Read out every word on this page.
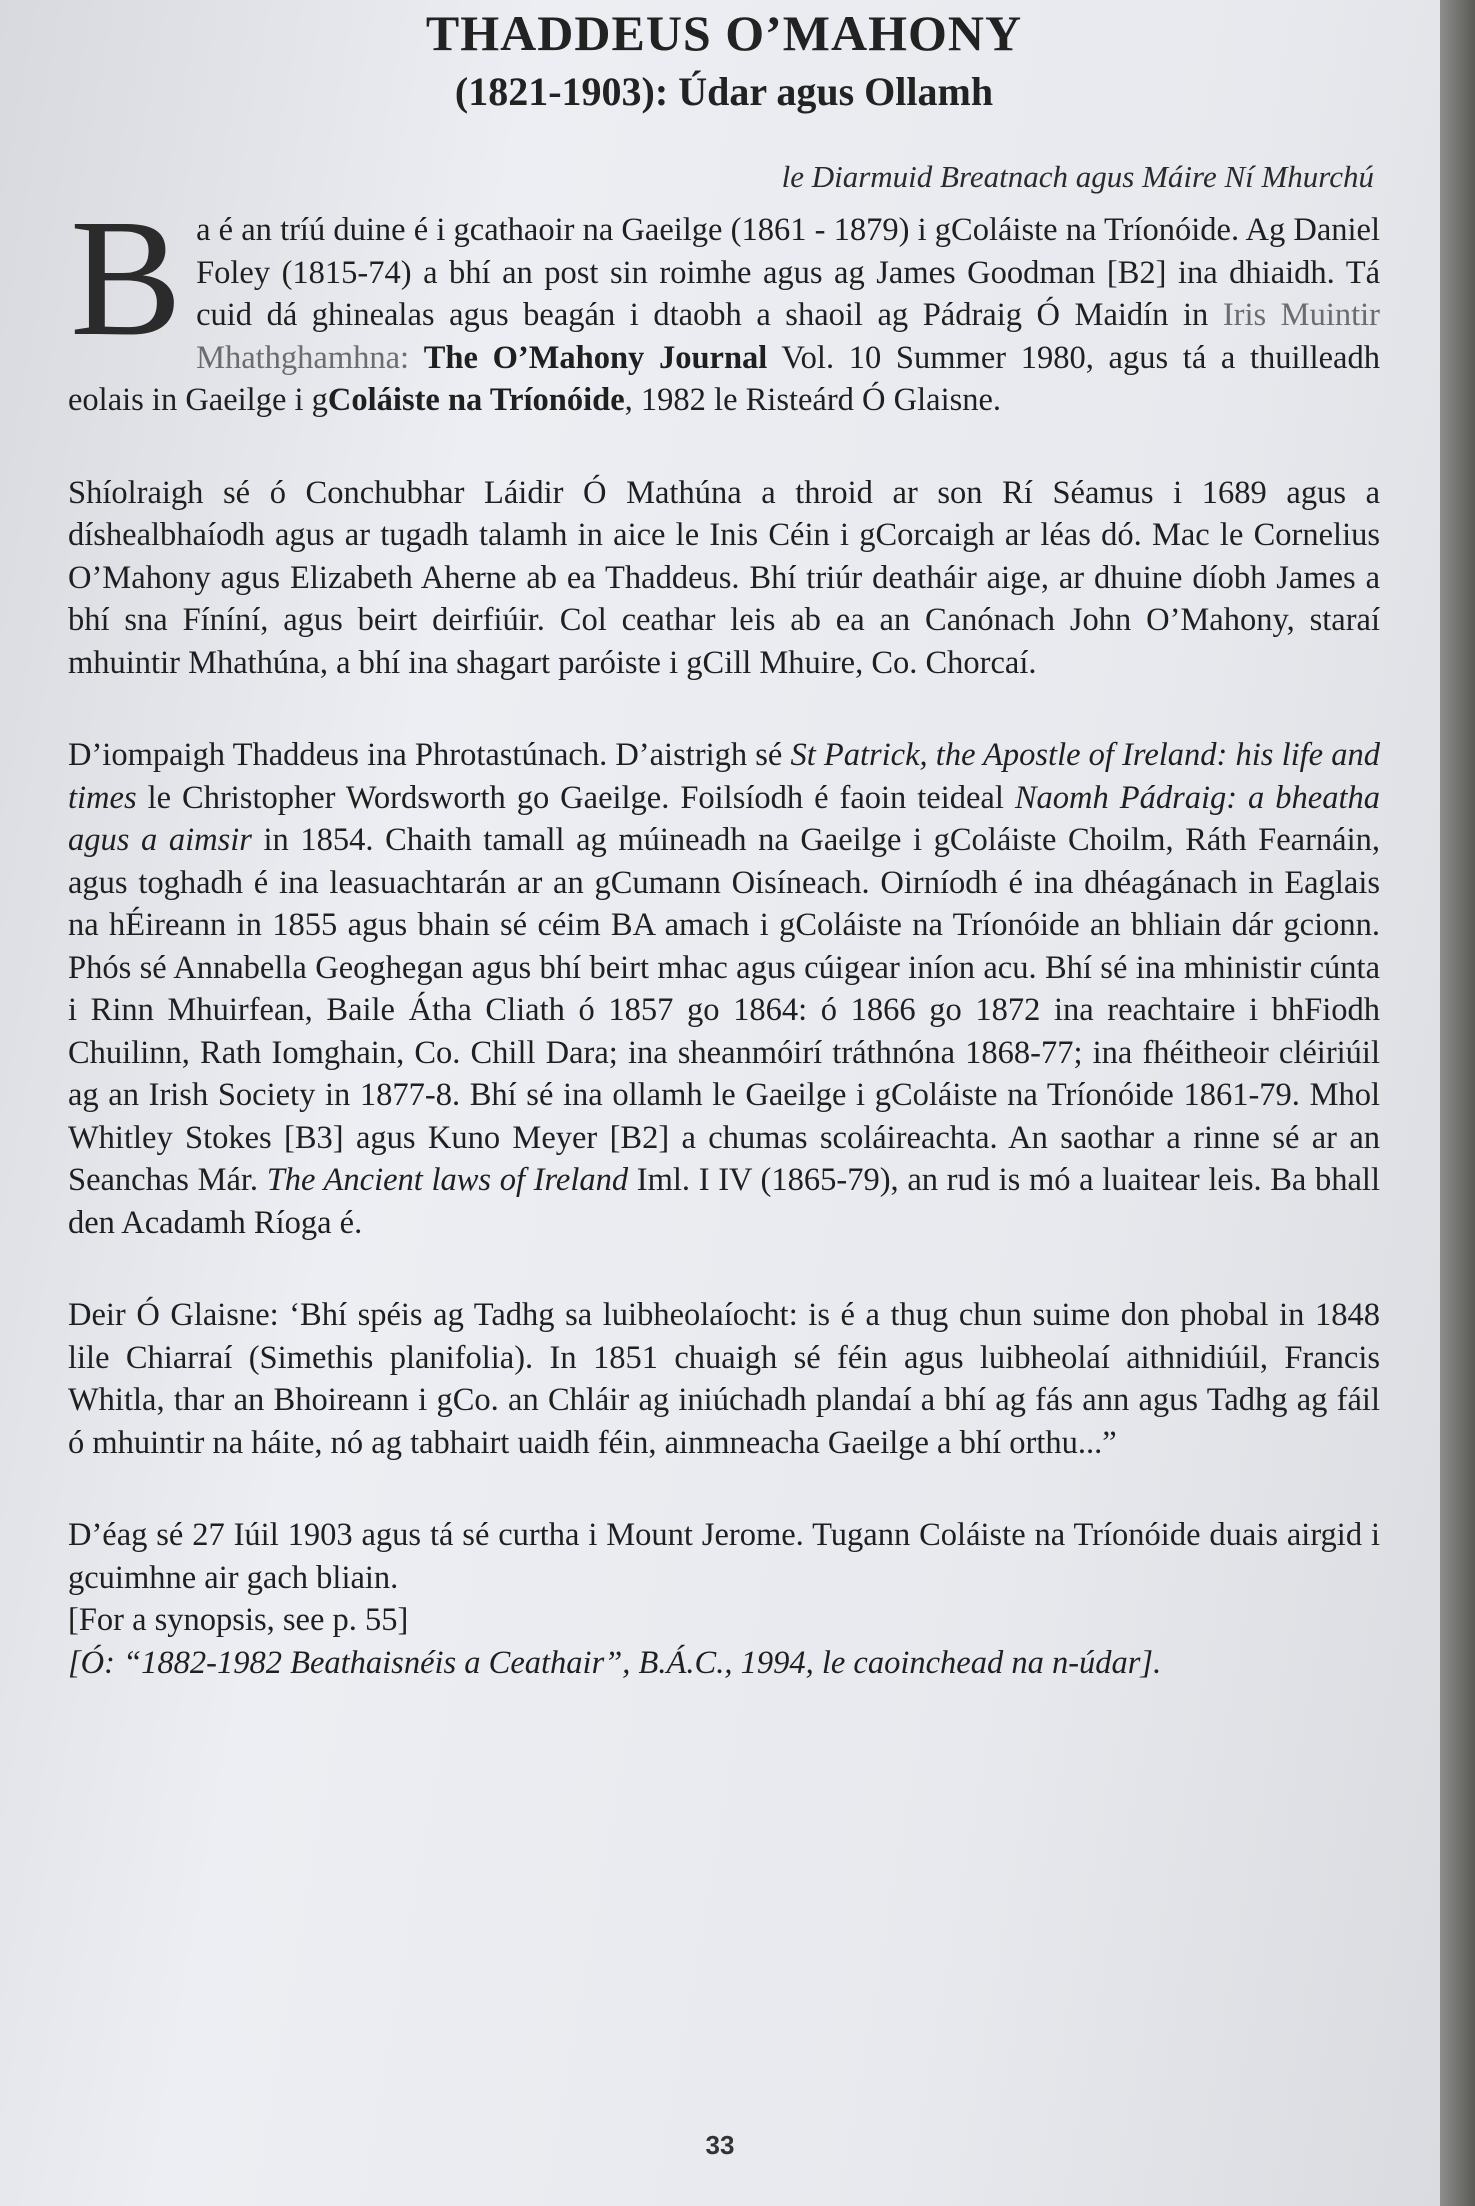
THADDEUS O’MAHONY
(1821-1903): Údar agus Ollamh
le Diarmuid Breatnach agus Máire Ní Mhurchú

Ba é an tríú duine é i gcathaoir na Gaeilge (1861 - 1879) i gColáiste na Tríonóide. Ag Daniel Foley (1815-74) a bhí an post sin roimhe agus ag James Goodman [B2] ina dhiaidh. Tá cuid dá ghinealas agus beagán i dtaobh a shaoil ag Pádraig Ó Maidín in Iris Muintir Mhathghamhna: The O’Mahony Journal Vol. 10 Summer 1980, agus tá a thuilleadh eolais in Gaeilge i gColáiste na Tríonóide, 1982 le Risteárd Ó Glaisne.

Shíolraigh sé ó Conchubhar Láidir Ó Mathúna a throid ar son Rí Séamus i 1689 agus a díshealbhaíodh agus ar tugadh talamh in aice le Inis Céin i gCorcaigh ar léas dó. Mac le Cornelius O’Mahony agus Elizabeth Aherne ab ea Thaddeus. Bhí triúr deatháir aige, ar dhuine díobh James a bhí sna Fíníní, agus beirt deirfiúir. Col ceathar leis ab ea an Canónach John O’Mahony, staraí mhuintir Mhathúna, a bhí ina shagart paróiste i gCill Mhuire, Co. Chorcaí.

D’iompaigh Thaddeus ina Phrotastúnach. D’aistrigh sé St Patrick, the Apostle of Ireland: his life and times le Christopher Wordsworth go Gaeilge. Foilsíodh é faoin teideal Naomh Pádraig: a bheatha agus a aimsir in 1854. Chaith tamall ag múineadh na Gaeilge i gColáiste Choilm, Ráth Fearnáin, agus toghadh é ina leasuachtarán ar an gCumann Oisíneach. Oirníodh é ina dhéagánach in Eaglais na hÉireann in 1855 agus bhain sé céim BA amach i gColáiste na Tríonóide an bhliain dár gcionn. Phós sé Annabella Geoghegan agus bhí beirt mhac agus cúigear iníon acu. Bhí sé ina mhinistir cúnta i Rinn Mhuirfean, Baile Átha Cliath ó 1857 go 1864: ó 1866 go 1872 ina reachtaire i bhFiodh Chuilinn, Rath Iomghain, Co. Chill Dara; ina sheanmóirí tráthnóna 1868-77; ina fhéitheoir cléiriúil ag an Irish Society in 1877-8. Bhí sé ina ollamh le Gaeilge i gColáiste na Tríonóide 1861-79. Mhol Whitley Stokes [B3] agus Kuno Meyer [B2] a chumas scoláireachta. An saothar a rinne sé ar an Seanchas Már. The Ancient laws of Ireland Iml. I IV (1865-79), an rud is mó a luaitear leis. Ba bhall den Acadamh Ríoga é.

Deir Ó Glaisne: ‘Bhí spéis ag Tadhg sa luibheolaíocht: is é a thug chun suime don phobal in 1848 lile Chiarraí (Simethis planifolia). In 1851 chuaigh sé féin agus luibheolaí aithnidiúil, Francis Whitla, thar an Bhoireann i gCo. an Chláir ag iniúchadh plandaí a bhí ag fás ann agus Tadhg ag fáil ó mhuintir na háite, nó ag tabhairt uaidh féin, ainmneacha Gaeilge a bhí orthu...”

D’éag sé 27 Iúil 1903 agus tá sé curtha i Mount Jerome. Tugann Coláiste na Tríonóide duais airgid i gcuimhne air gach bliain.

[For a synopsis, see p. 55]

[Ó: “1882-1982 Beathaisnéis a Ceathair”, B.Á.C., 1994, le caoinchead na n-údar].

33
